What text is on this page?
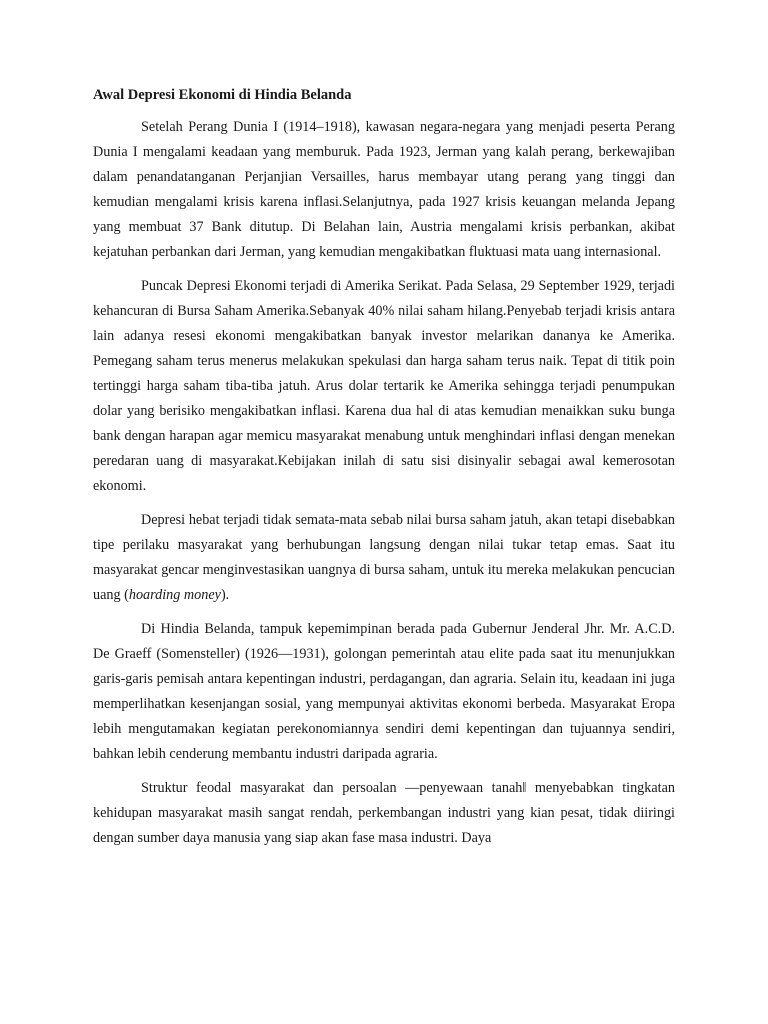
Awal Depresi Ekonomi di Hindia Belanda

Setelah Perang Dunia I (1914–1918), kawasan negara-negara yang menjadi peserta Perang Dunia I mengalami keadaan yang memburuk. Pada 1923, Jerman yang kalah perang, berkewajiban dalam penandatanganan Perjanjian Versailles, harus membayar utang perang yang tinggi dan kemudian mengalami krisis karena inflasi.Selanjutnya, pada 1927 krisis keuangan melanda Jepang yang membuat 37 Bank ditutup. Di Belahan lain, Austria mengalami krisis perbankan, akibat kejatuhan perbankan dari Jerman, yang kemudian mengakibatkan fluktuasi mata uang internasional.

Puncak Depresi Ekonomi terjadi di Amerika Serikat. Pada Selasa, 29 September 1929, terjadi kehancuran di Bursa Saham Amerika.Sebanyak 40% nilai saham hilang.Penyebab terjadi krisis antara lain adanya resesi ekonomi mengakibatkan banyak investor melarikan dananya ke Amerika. Pemegang saham terus menerus melakukan spekulasi dan harga saham terus naik. Tepat di titik poin tertinggi harga saham tiba-tiba jatuh. Arus dolar tertarik ke Amerika sehingga terjadi penumpukan dolar yang berisiko mengakibatkan inflasi. Karena dua hal di atas kemudian menaikkan suku bunga bank dengan harapan agar memicu masyarakat menabung untuk menghindari inflasi dengan menekan peredaran uang di masyarakat.Kebijakan inilah di satu sisi disinyalir sebagai awal kemerosotan ekonomi.

Depresi hebat terjadi tidak semata-mata sebab nilai bursa saham jatuh, akan tetapi disebabkan tipe perilaku masyarakat yang berhubungan langsung dengan nilai tukar tetap emas. Saat itu masyarakat gencar menginvestasikan uangnya di bursa saham, untuk itu mereka melakukan pencucian uang (hoarding money).

Di Hindia Belanda, tampuk kepemimpinan berada pada Gubernur Jenderal Jhr. Mr. A.C.D. De Graeff (Somensteller) (1926—1931), golongan pemerintah atau elite pada saat itu menunjukkan garis-garis pemisah antara kepentingan industri, perdagangan, dan agraria. Selain itu, keadaan ini juga memperlihatkan kesenjangan sosial, yang mempunyai aktivitas ekonomi berbeda. Masyarakat Eropa lebih mengutamakan kegiatan perekonomiannya sendiri demi kepentingan dan tujuannya sendiri, bahkan lebih cenderung membantu industri daripada agraria.

Struktur feodal masyarakat dan persoalan ―penyewaan tanah‖ menyebabkan tingkatan kehidupan masyarakat masih sangat rendah, perkembangan industri yang kian pesat, tidak diiringi dengan sumber daya manusia yang siap akan fase masa industri. Daya
